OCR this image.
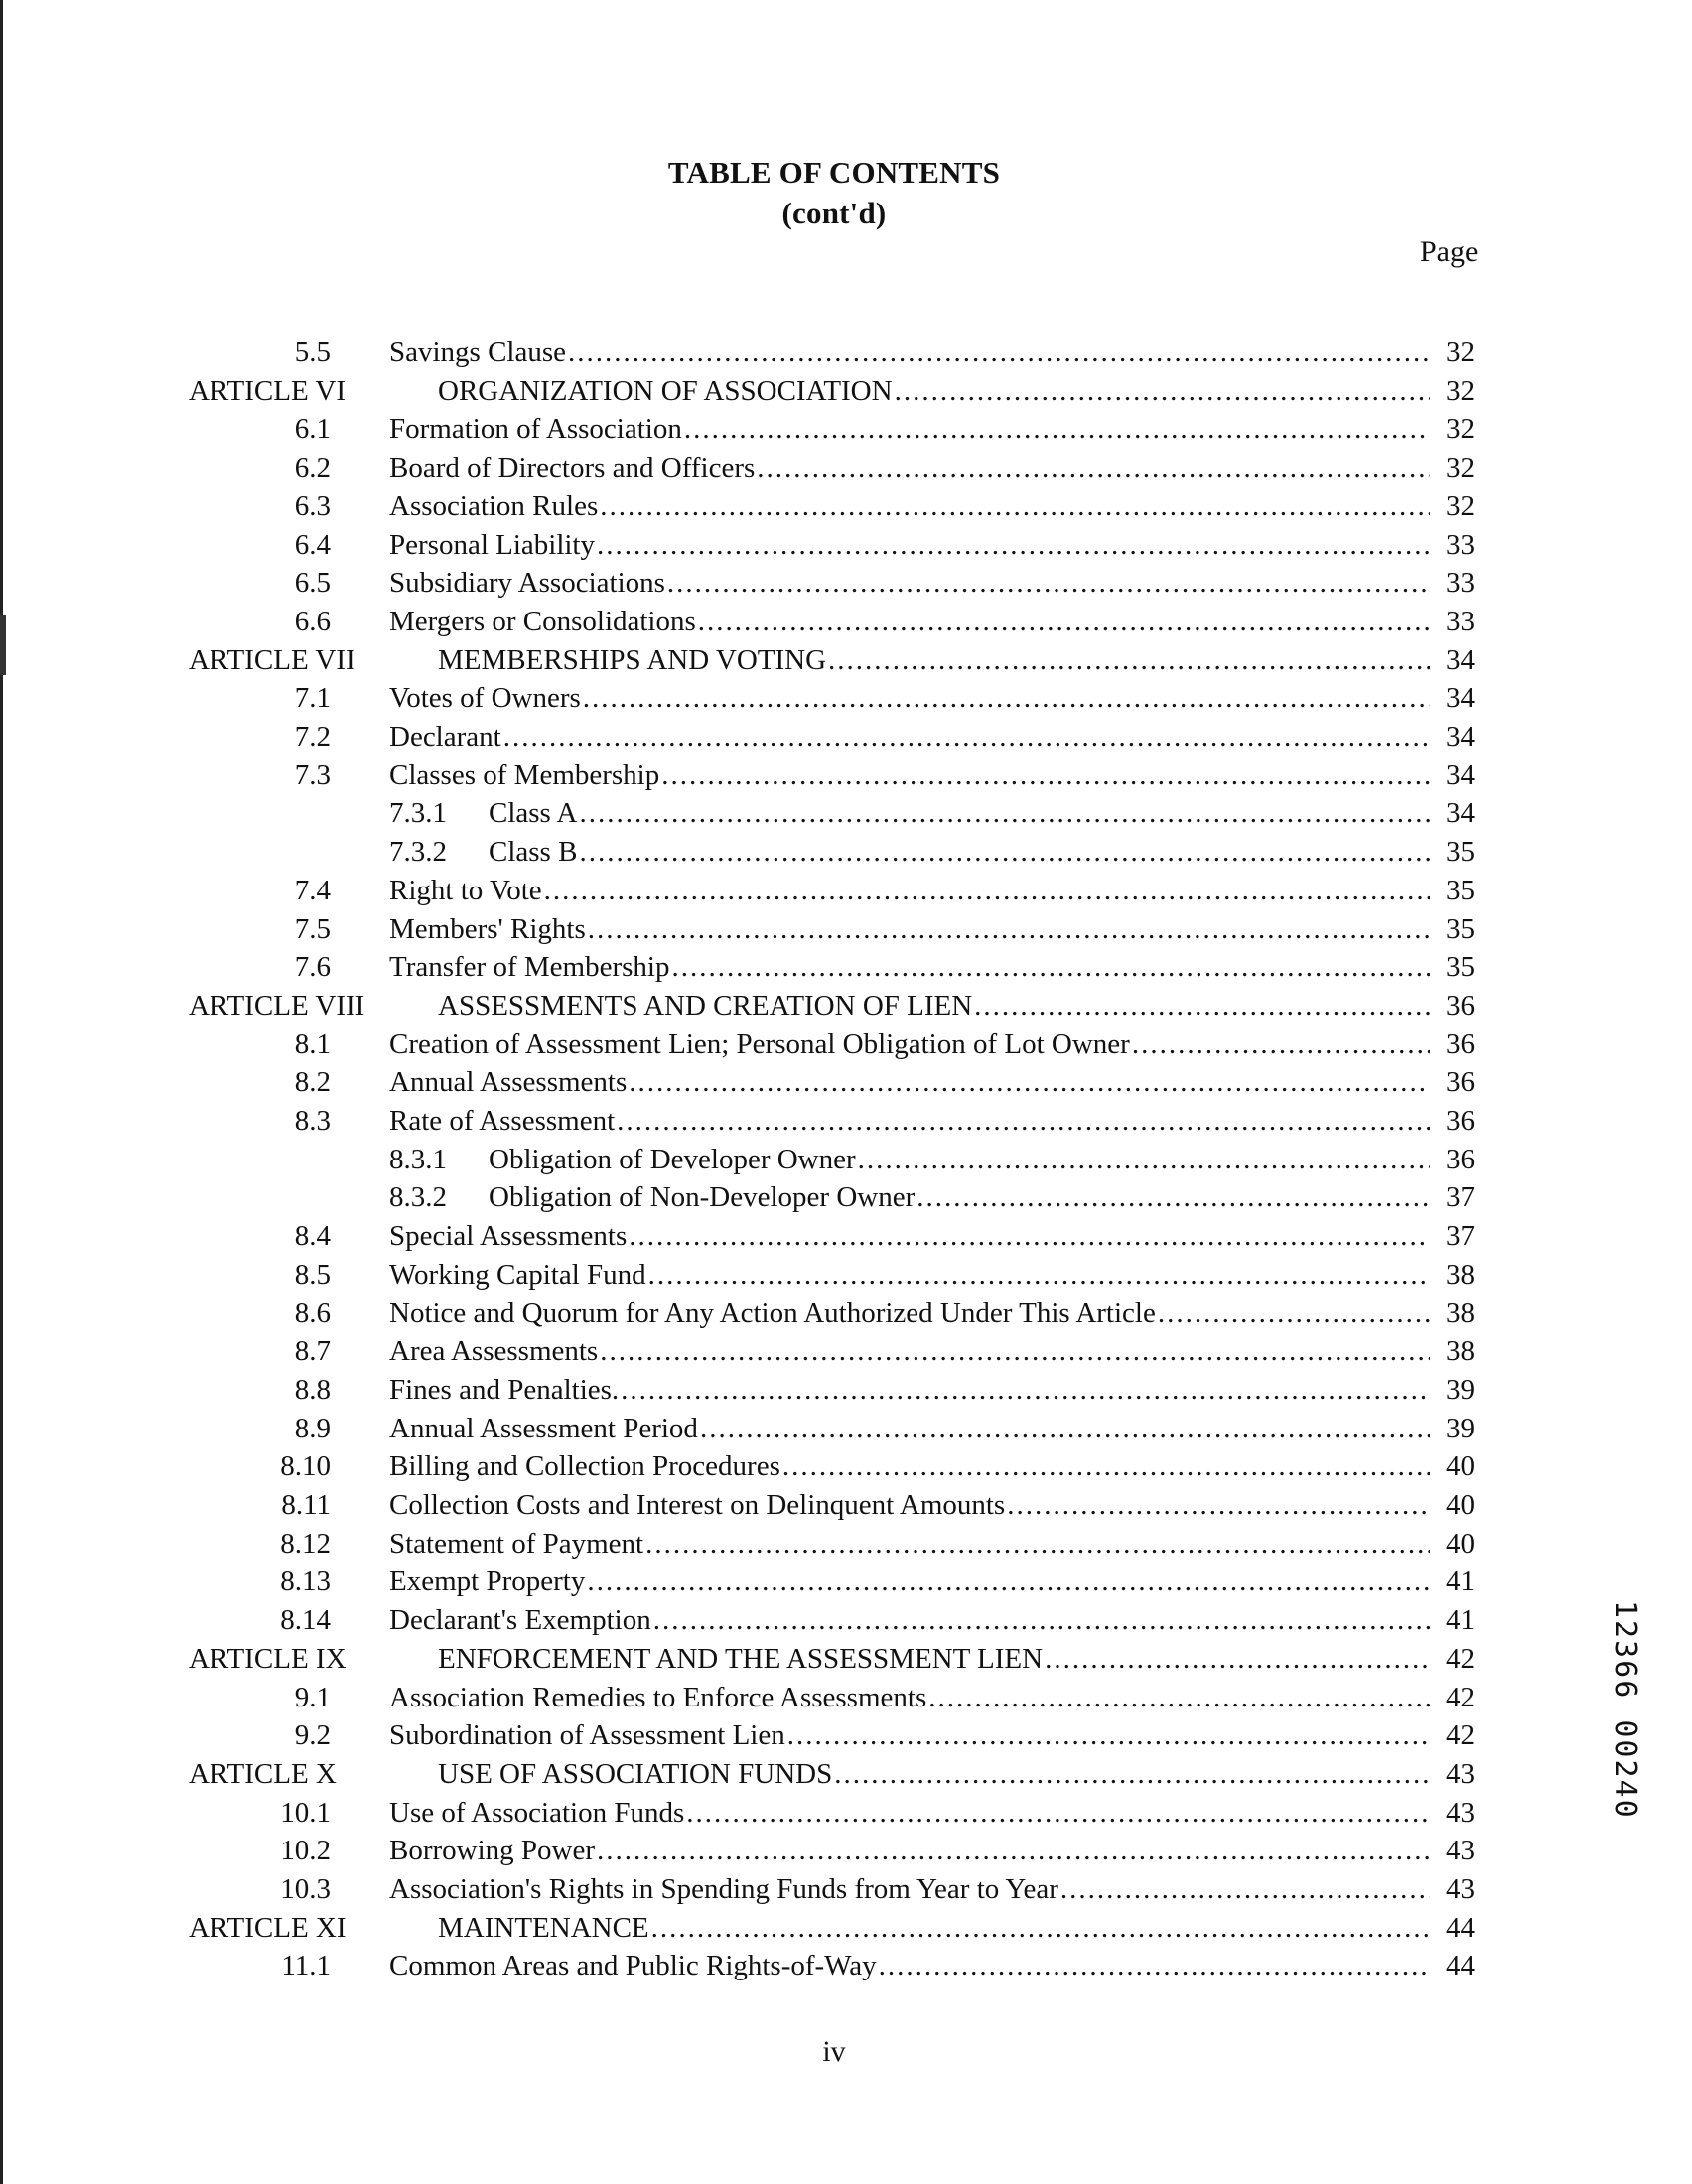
TABLE OF CONTENTS
(cont'd)
Page
5.5 Savings Clause .....	32
ARTICLE VI	ORGANIZATION OF ASSOCIATION .....	32
6.1 Formation of Association .....	32
6.2 Board of Directors and Officers .....	32
6.3 Association Rules .....	32
6.4 Personal Liability .....	33
6.5 Subsidiary Associations .....	33
6.6 Mergers or Consolidations .....	33
ARTICLE VII	MEMBERSHIPS AND VOTING .....	34
7.1 Votes of Owners .....	34
7.2 Declarant .....	34
7.3 Classes of Membership .....	34
7.3.1 Class A .....	34
7.3.2 Class B .....	35
7.4 Right to Vote .....	35
7.5 Members' Rights .....	35
7.6 Transfer of Membership .....	35
ARTICLE VIII	ASSESSMENTS AND CREATION OF LIEN .....	36
8.1 Creation of Assessment Lien; Personal Obligation of Lot Owner .....	36
8.2 Annual Assessments .....	36
8.3 Rate of Assessment .....	36
8.3.1 Obligation of Developer Owner .....	36
8.3.2 Obligation of Non-Developer Owner .....	37
8.4 Special Assessments .....	37
8.5 Working Capital Fund .....	38
8.6 Notice and Quorum for Any Action Authorized Under This Article .....	38
8.7 Area Assessments .....	38
8.8 Fines and Penalties. .....	39
8.9 Annual Assessment Period .....	39
8.10 Billing and Collection Procedures .....	40
8.11 Collection Costs and Interest on Delinquent Amounts .....	40
8.12 Statement of Payment .....	40
8.13 Exempt Property .....	41
8.14 Declarant's Exemption .....	41
ARTICLE IX	ENFORCEMENT AND THE ASSESSMENT LIEN .....	42
9.1 Association Remedies to Enforce Assessments .....	42
9.2 Subordination of Assessment Lien .....	42
ARTICLE X	USE OF ASSOCIATION FUNDS .....	43
10.1 Use of Association Funds .....	43
10.2 Borrowing Power .....	43
10.3 Association's Rights in Spending Funds from Year to Year .....	43
ARTICLE XI	MAINTENANCE .....	44
11.1 Common Areas and Public Rights-of-Way .....	44
iv
12366 00240
